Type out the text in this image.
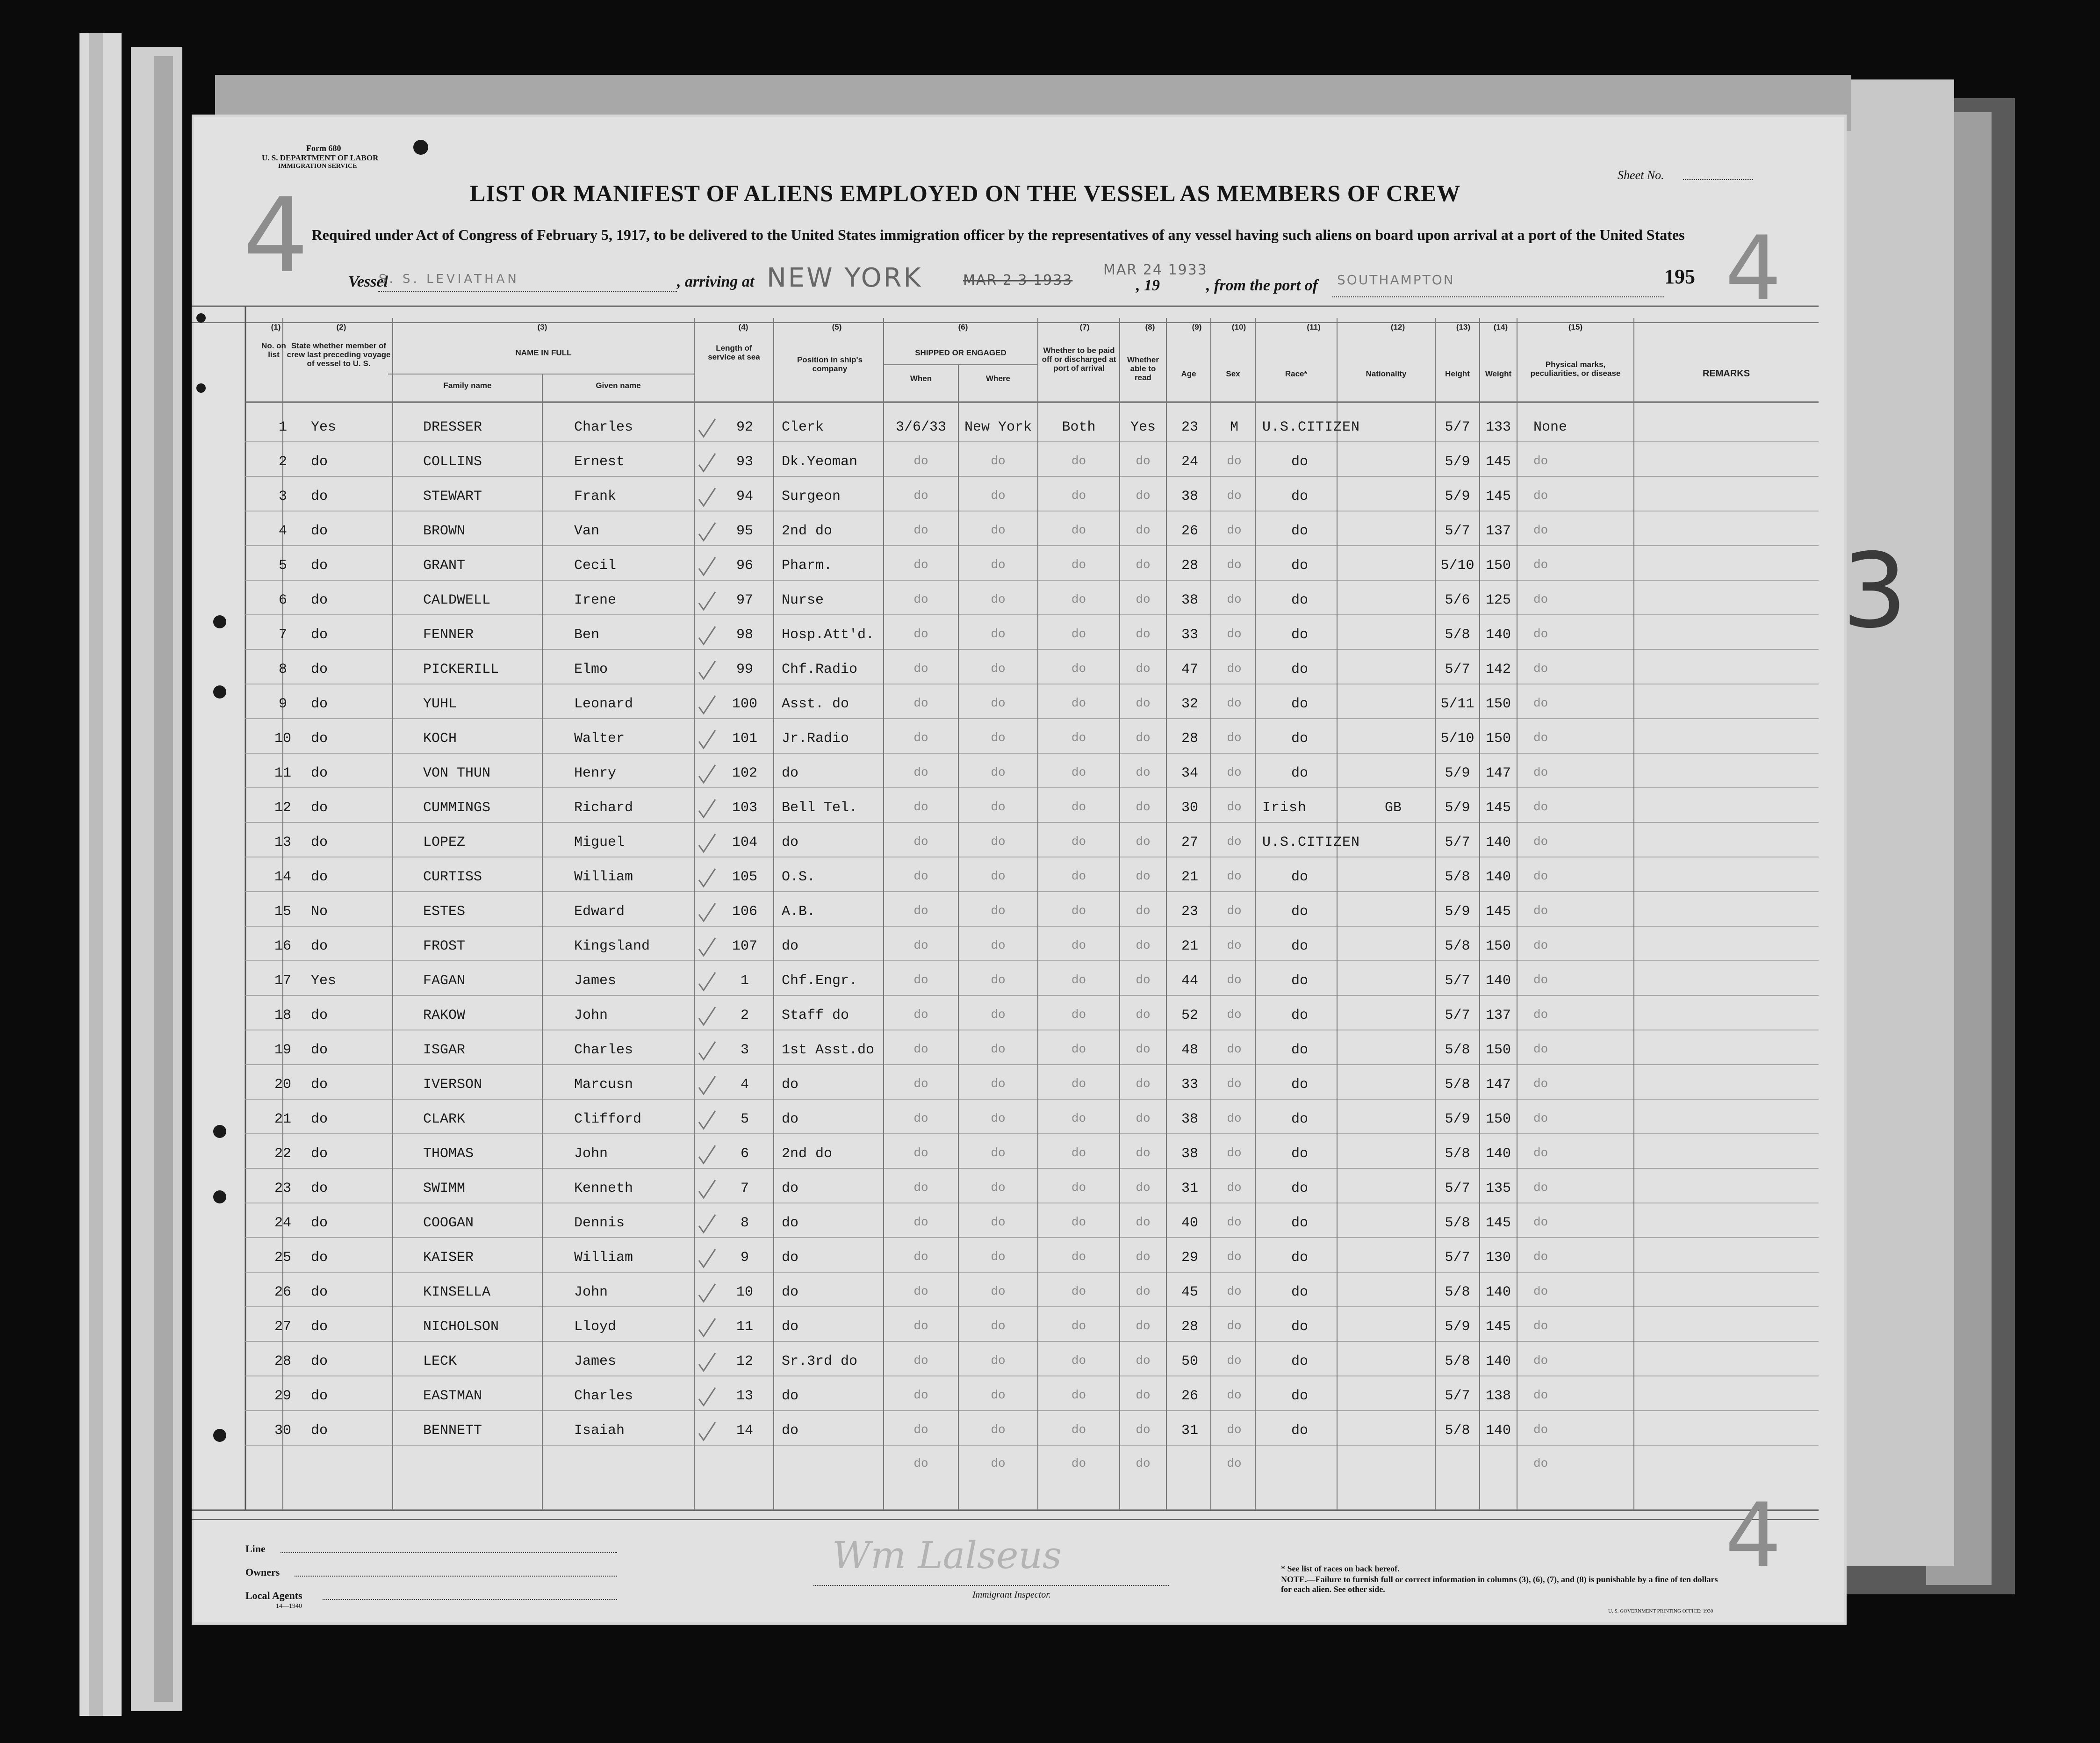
4	4
4
3
Form 680
U. S. DEPARTMENT OF LABOR
IMMIGRATION SERVICE
Sheet No.
LIST OR MANIFEST OF ALIENS EMPLOYED ON THE VESSEL AS MEMBERS OF CREW
Required under Act of Congress of February 5, 1917, to be delivered to the United States immigration officer by the representatives of any vessel having such aliens on board upon arrival at a port of the United States
Vessel
S. S. LEVIATHAN	, arriving at NEW YORK	MAR 2 3 1933
MAR 24 1933
, 19	, from the port of SOUTHAMPTON	195
(1)	(2)	(3)	(4)	(5)	(6)	(7)	(8)	(9)	(10)	(11)	(12)	(13)	(14)	(15)
No. on list
State whether member of crew last preceding voyage of vessel to U. S.
NAME IN FULL
Family name	Given name
Length of service at sea	Position in ship's company
SHIPPED OR ENGAGED
When	Where
Whether to be paid off or discharged at port of arrival
Whether able to read	Age	Sex	Race*	Nationality	Height	Weight
Physical marks, peculiarities, or disease	REMARKS
1	Yes	DRESSER	Charles	92	Clerk	3/6/33	New York	Both	Yes	23	M	U.S.CITIZEN	5/7	133	None
2	do	COLLINS	Ernest	93	Dk.Yeoman	do	do	do	do	24	do	do	5/9	145	do
3	do	STEWART	Frank	94	Surgeon	do	do	do	do	38	do	do	5/9	145	do
4	do	BROWN	Van	95	2nd do	do	do	do	do	26	do	do	5/7	137	do
5	do	GRANT	Cecil	96	Pharm.	do	do	do	do	28	do	do	5/10 150	do
6	do	CALDWELL	Irene	97	Nurse	do	do	do	do	38	do	do	5/6	125	do
7	do	FENNER	Ben	98	Hosp.Att'd.	do	do	do	do	33	do	do	5/8	140	do
8	do	PICKERILL	Elmo	99	Chf.Radio	do	do	do	do	47	do	do	5/7	142	do
9	do	YUHL	Leonard	100	Asst. do	do	do	do	do	32	do	do	5/11 150	do
10 do	KOCH	Walter	101	Jr.Radio	do	do	do	do	28	do	do	5/10 150	do
11 do	VON THUN	Henry	102	do	do	do	do	do	34	do	do	5/9	147	do
12 do	CUMMINGS	Richard	103	Bell Tel.	do	do	do	do	30	do	Irish	GB	5/9	145	do
13 do	LOPEZ	Miguel	104	do	do	do	do	do	27	do	U.S.CITIZEN	5/7	140	do
14 do	CURTISS	William	105	O.S.	do	do	do	do	21	do	do	5/8	140	do
15 No	ESTES	Edward	106	A.B.	do	do	do	do	23	do	do	5/9	145	do
16 do	FROST	Kingsland	107	do	do	do	do	do	21	do	do	5/8	150	do
17 Yes	FAGAN	James	1	Chf.Engr.	do	do	do	do	44	do	do	5/7	140	do
18 do	RAKOW	John	2	Staff do	do	do	do	do	52	do	do	5/7	137	do
19 do	ISGAR	Charles	3	1st Asst.do	do	do	do	do	48	do	do	5/8	150	do
20 do	IVERSON	Marcusn	4	do	do	do	do	do	33	do	do	5/8	147	do
21 do	CLARK	Clifford	5	do	do	do	do	do	38	do	do	5/9	150	do
22 do	THOMAS	John	6	2nd do	do	do	do	do	38	do	do	5/8	140	do
23 do	SWIMM	Kenneth	7	do	do	do	do	do	31	do	do	5/7	135	do
24 do	COOGAN	Dennis	8	do	do	do	do	do	40	do	do	5/8	145	do
25 do	KAISER	William	9	do	do	do	do	do	29	do	do	5/7	130	do
26 do	KINSELLA	John	10	do	do	do	do	do	45	do	do	5/8	140	do
27 do	NICHOLSON	Lloyd	11	do	do	do	do	do	28	do	do	5/9	145	do
28 do	LECK	James	12	Sr.3rd do	do	do	do	do	50	do	do	5/8	140	do
29 do	EASTMAN	Charles	13	do	do	do	do	do	26	do	do	5/7	138	do
30 do	BENNETT	Isaiah	14	do	do	do	do	do	31	do	do	5/8	140	do
do	do	do	do	do	do
Line
Owners
Local Agents
14—1940
Wm Lalseus
Immigrant Inspector.
* See list of races on back hereof.
NOTE.—Failure to furnish full or correct information in columns (3), (6), (7), and (8) is punishable by a fine of ten dollars for each alien. See other side.
U. S. GOVERNMENT PRINTING OFFICE: 1930
